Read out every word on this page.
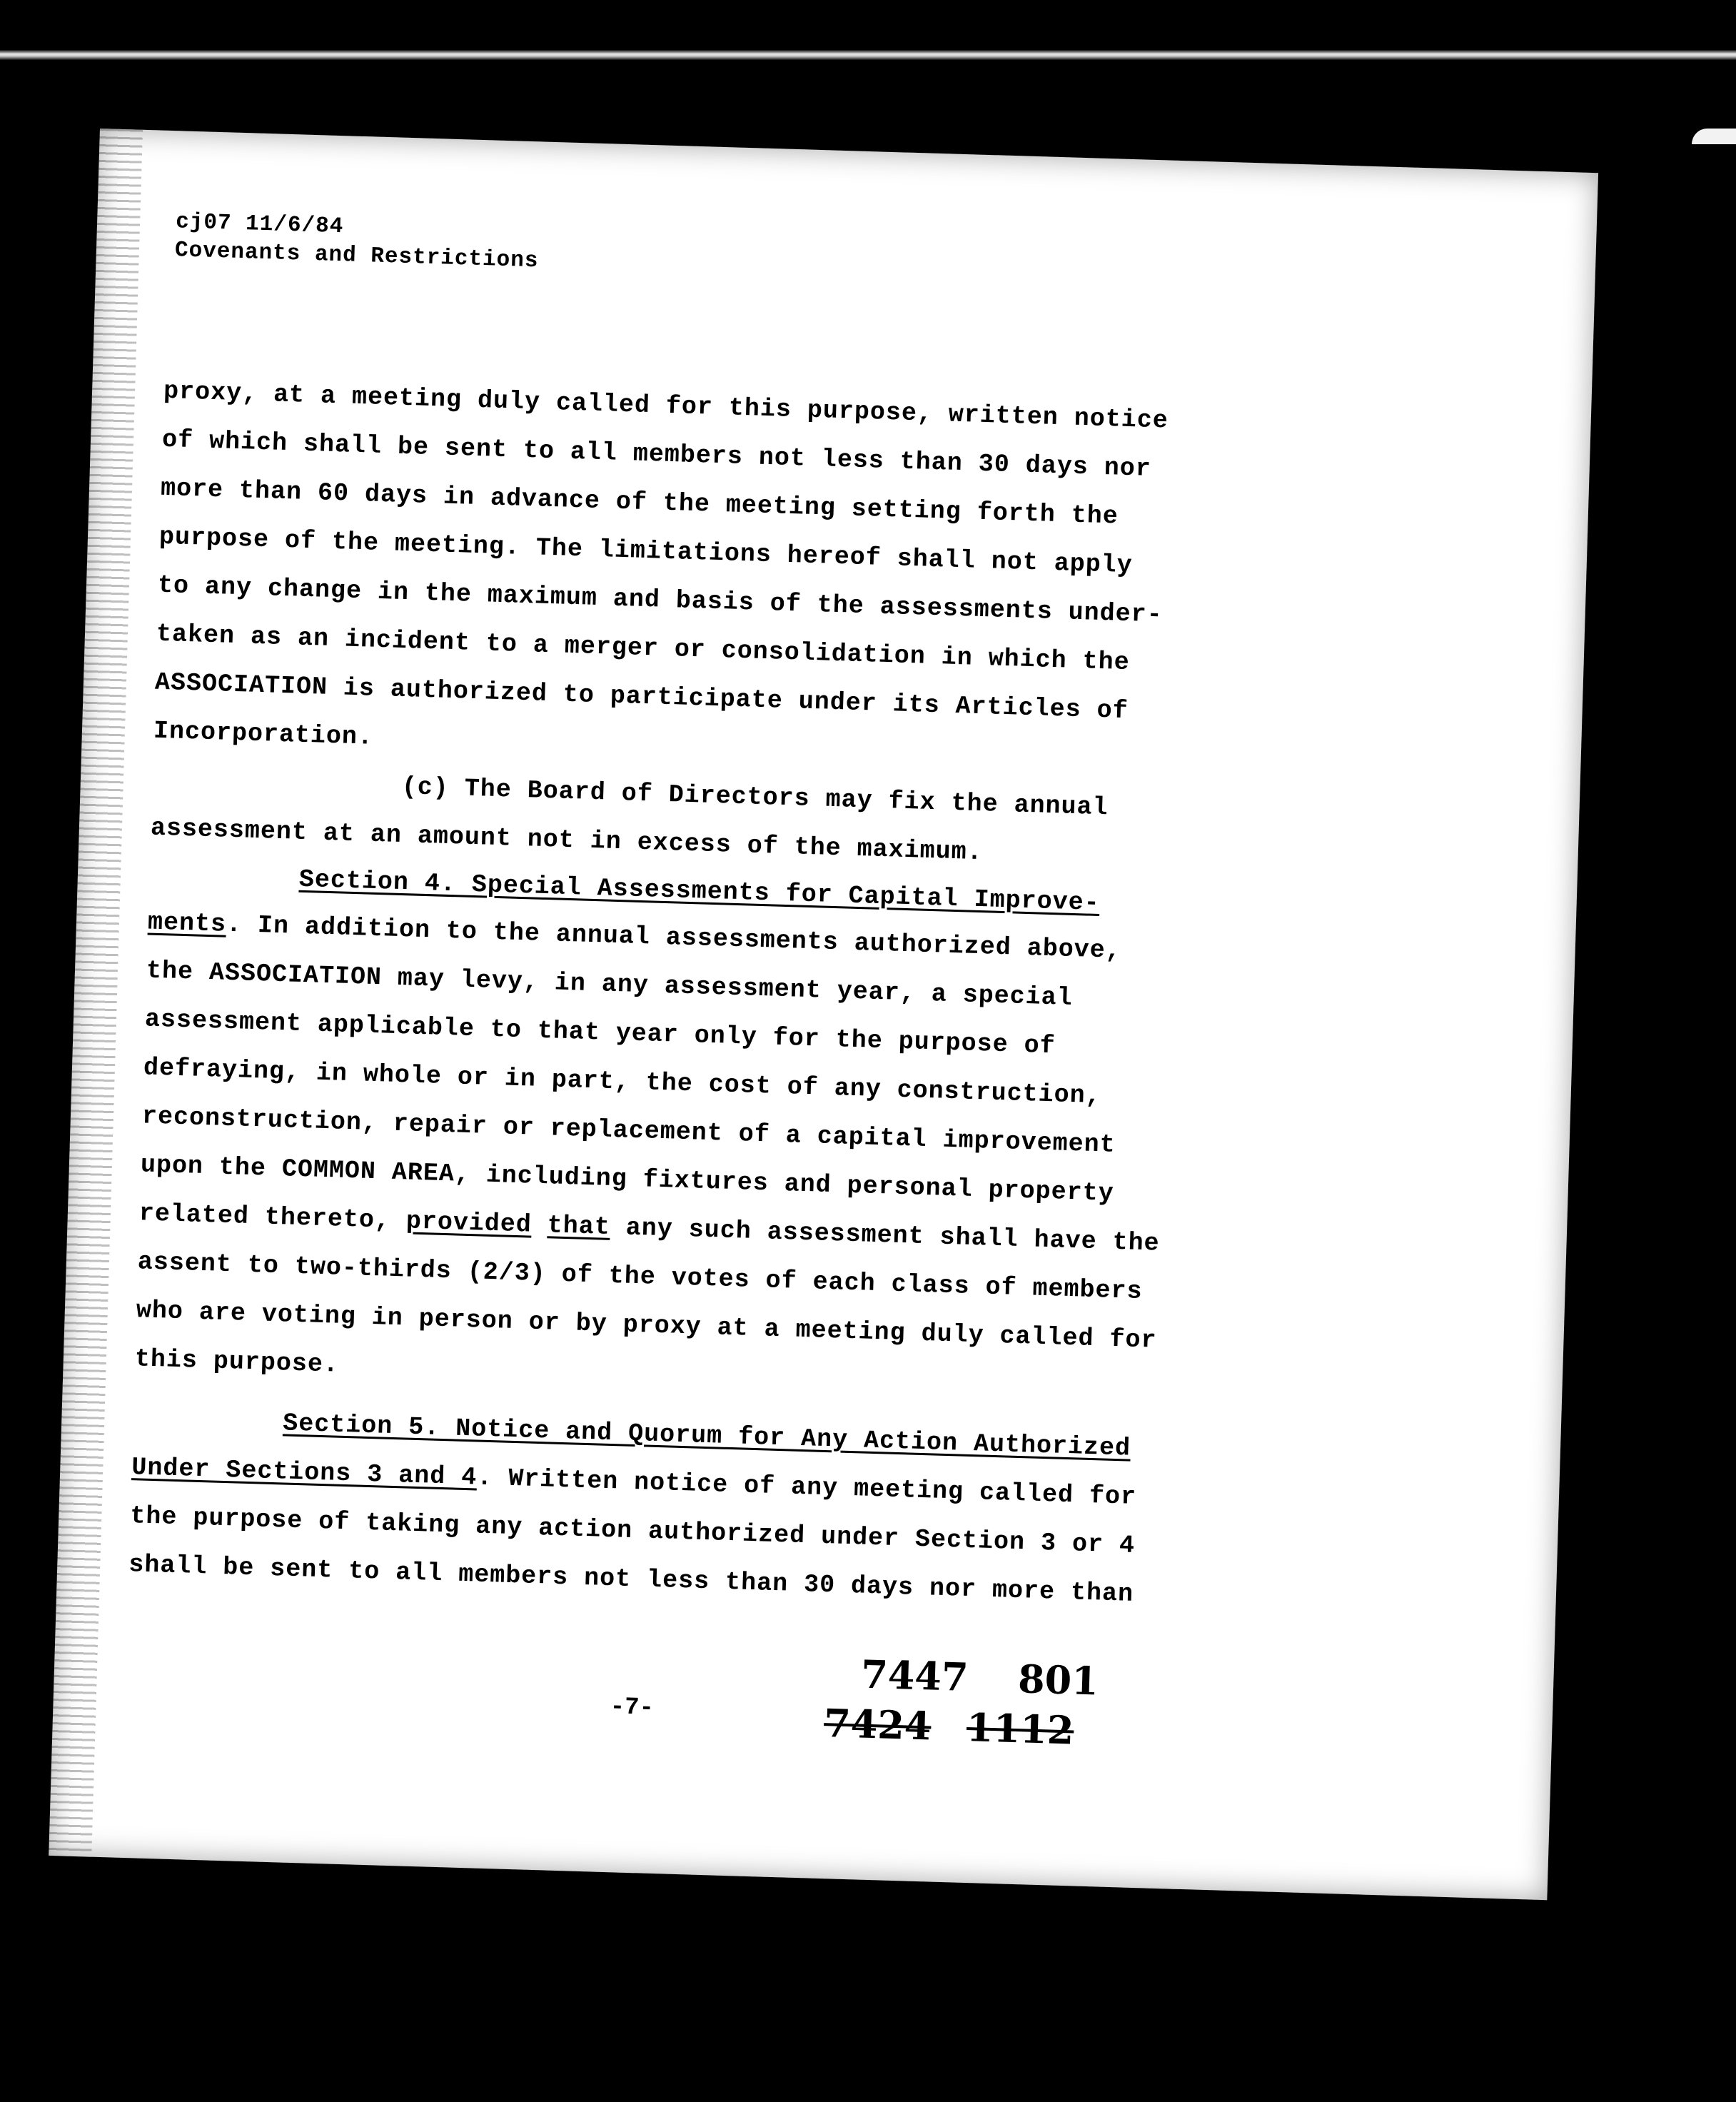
cj07 11/6/84
Covenants and Restrictions
proxy, at a meeting duly called for this purpose, written notice
of which shall be sent to all members not less than 30 days nor
more than 60 days in advance of the meeting setting forth the
purpose of the meeting. The limitations hereof shall not apply
to any change in the maximum and basis of the assessments under-
taken as an incident to a merger or consolidation in which the
ASSOCIATION is authorized to participate under its Articles of
Incorporation.
(c) The Board of Directors may fix the annual
assessment at an amount not in excess of the maximum.
Section 4. Special Assessments for Capital Improve-
ments. In addition to the annual assessments authorized above,
the ASSOCIATION may levy, in any assessment year, a special
assessment applicable to that year only for the purpose of
defraying, in whole or in part, the cost of any construction,
reconstruction, repair or replacement of a capital improvement
upon the COMMON AREA, including fixtures and personal property
related thereto, provided that any such assessment shall have the
assent to two-thirds (2/3) of the votes of each class of members
who are voting in person or by proxy at a meeting duly called for
this purpose.
Section 5. Notice and Quorum for Any Action Authorized
Under Sections 3 and 4. Written notice of any meeting called for
the purpose of taking any action authorized under Section 3 or 4
shall be sent to all members not less than 30 days nor more than
-7-
7447 801
7424 1112
